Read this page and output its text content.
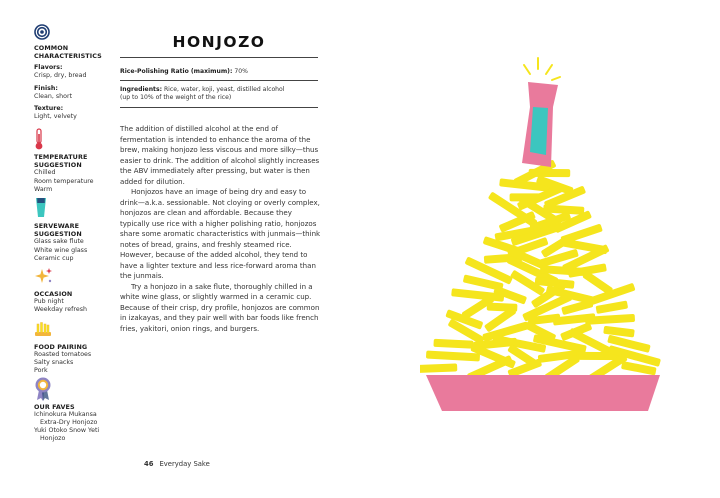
COMMON CHARACTERISTICS
Flavors:
Crisp, dry, bread
Finish:
Clean, short
Texture:
Light, velvety
TEMPERATURE SUGGESTION
Chilled
Room temperature
Warm
SERVEWARE SUGGESTION
Glass sake flute
White wine glass
Ceramic cup
OCCASION
Pub night
Weekday refresh
FOOD PAIRING
Roasted tomatoes
Salty snacks
Pork
OUR FAVES
Ichinokura Mukansa
Extra-Dry Honjozo
Yuki Otoko Snow Yeti
Honjozo
HONJOZO
Rice-Polishing Ratio (maximum): 70%
Ingredients: Rice, water, koji, yeast, distilled alcohol
(up to 10% of the weight of the rice)

The addition of distilled alcohol at the end of fermentation is intended to enhance the aroma of the brew, making honjozo less viscous and more silky—thus easier to drink. The addition of alcohol slightly increases the ABV immediately after pressing, but water is then added for dilution.

Honjozos have an image of being dry and easy to drink—a.k.a. sessionable. Not cloying or overly complex, honjozos are clean and affordable. Because they typically use rice with a higher polishing ratio, honjozos share some aromatic characteristics with junmais—think notes of bread, grains, and freshly steamed rice. However, because of the added alcohol, they tend to have a lighter texture and less rice-forward aroma than the junmais.

Try a honjozo in a sake flute, thoroughly chilled in a white wine glass, or slightly warmed in a ceramic cup. Because of their crisp, dry profile, honjozos are common in izakayas, and they pair well with bar foods like french fries, yakitori, onion rings, and burgers.

46 Everyday Sake
